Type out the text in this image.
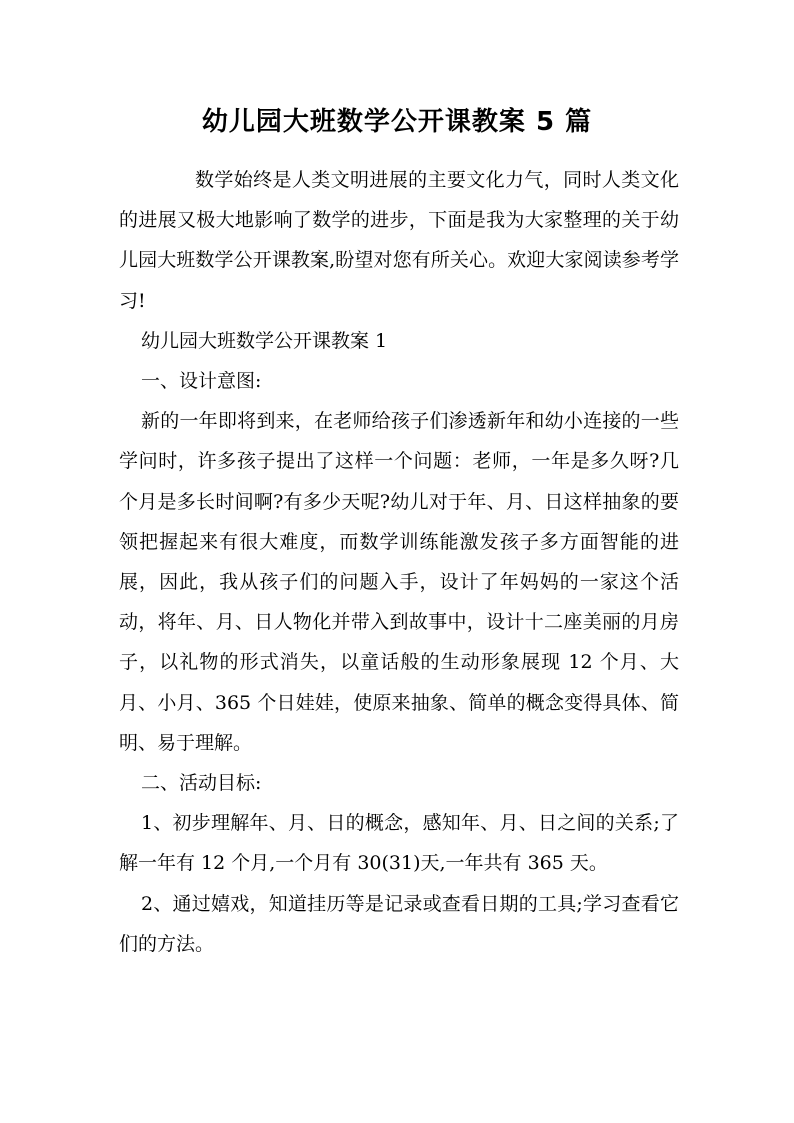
幼儿园大班数学公开课教案 5 篇

数学始终是人类文明进展的主要文化力气，同时人类文化的进展又极大地影响了数学的进步，下面是我为大家整理的关于幼儿园大班数学公开课教案,盼望对您有所关心。欢迎大家阅读参考学习!

幼儿园大班数学公开课教案 1

一、设计意图:

新的一年即将到来，在老师给孩子们渗透新年和幼小连接的一些学问时，许多孩子提出了这样一个问题：老师，一年是多久呀?几个月是多长时间啊?有多少天呢?幼儿对于年、月、日这样抽象的要领把握起来有很大难度，而数学训练能激发孩子多方面智能的进展，因此，我从孩子们的问题入手，设计了年妈妈的一家这个活动，将年、月、日人物化并带入到故事中，设计十二座美丽的月房子，以礼物的形式消失，以童话般的生动形象展现 12 个月、大月、小月、365 个日娃娃，使原来抽象、简单的概念变得具体、简明、易于理解。

二、活动目标:

1、初步理解年、月、日的概念，感知年、月、日之间的关系;了解一年有 12 个月,一个月有 30(31)天,一年共有 365 天。

2、通过嬉戏，知道挂历等是记录或查看日期的工具;学习查看它们的方法。
